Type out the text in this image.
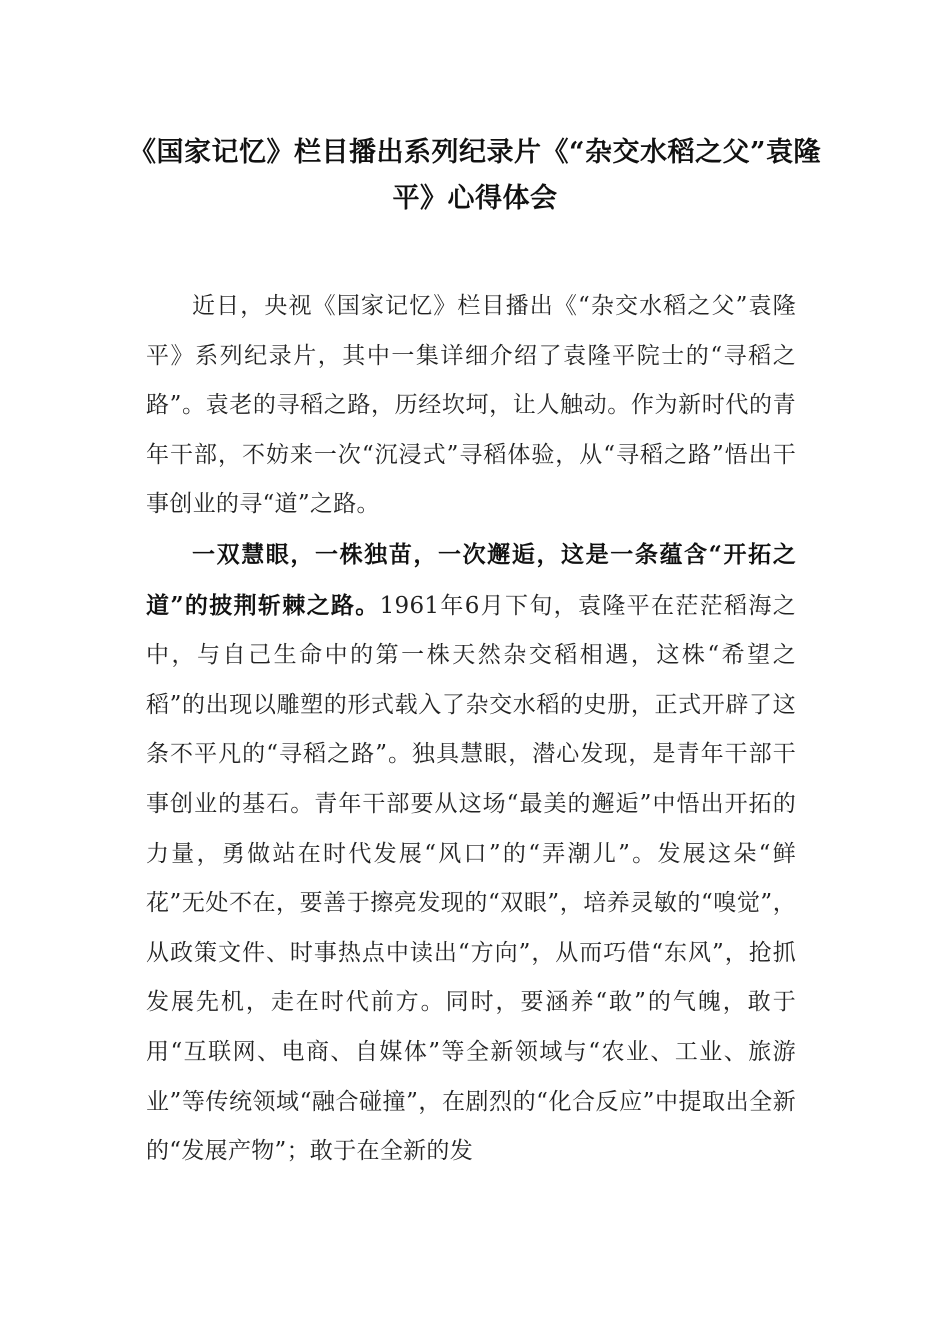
《国家记忆》栏目播出系列纪录片《“杂交水稻之父”袁隆平》心得体会

近日，央视《国家记忆》栏目播出《“杂交水稻之父”袁隆平》系列纪录片，其中一集详细介绍了袁隆平院士的“寻稻之路”。袁老的寻稻之路，历经坎坷，让人触动。作为新时代的青年干部，不妨来一次“沉浸式”寻稻体验，从“寻稻之路”悟出干事创业的寻“道”之路。

一双慧眼，一株独苗，一次邂逅，这是一条蕴含“开拓之道”的披荆斩棘之路。1961年6月下旬，袁隆平在茫茫稻海之中，与自己生命中的第一株天然杂交稻相遇，这株“希望之稻”的出现以雕塑的形式载入了杂交水稻的史册，正式开辟了这条不平凡的“寻稻之路”。独具慧眼，潜心发现，是青年干部干事创业的基石。青年干部要从这场“最美的邂逅”中悟出开拓的力量，勇做站在时代发展“风口”的“弄潮儿”。发展这朵“鲜花”无处不在，要善于擦亮发现的“双眼”，培养灵敏的“嗅觉”，从政策文件、时事热点中读出“方向”，从而巧借“东风”，抢抓发展先机，走在时代前方。同时，要涵养“敢”的气魄，敢于用“互联网、电商、自媒体”等全新领域与“农业、工业、旅游业”等传统领域“融合碰撞”，在剧烈的“化合反应”中提取出全新的“发展产物”；敢于在全新的发
